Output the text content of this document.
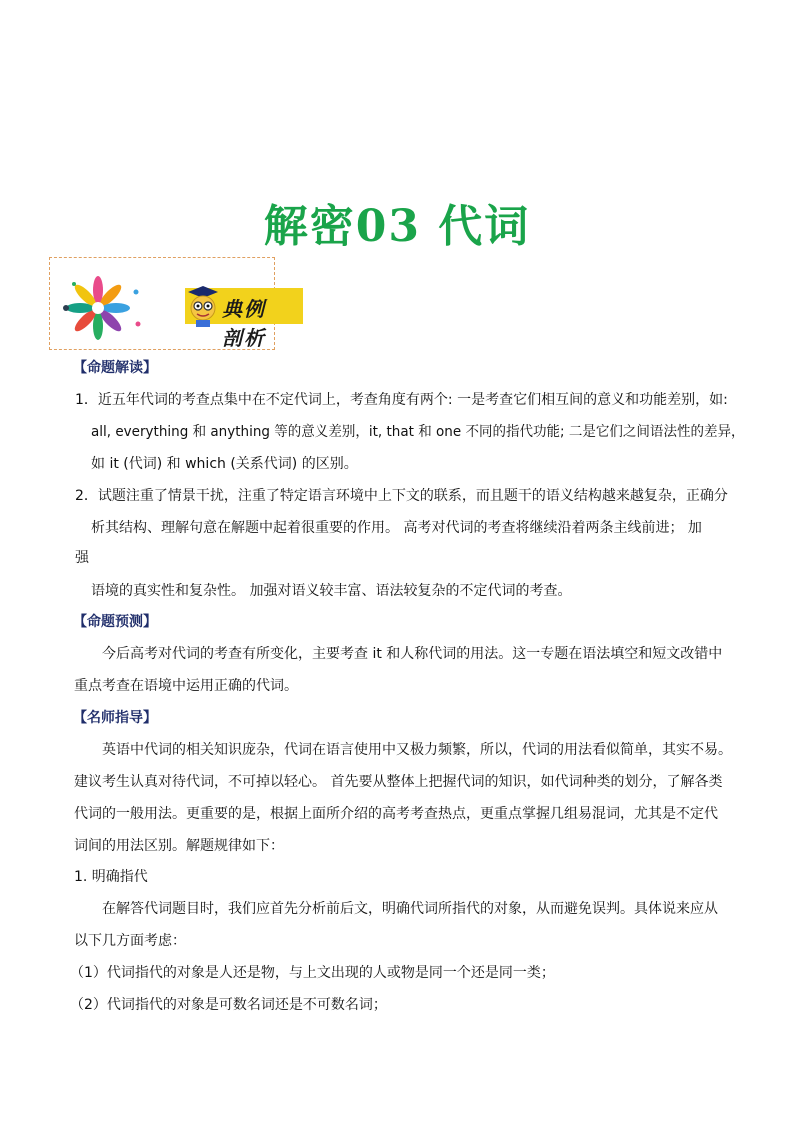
解密03 代词
典例剖析
【命题解读】
1．近五年代词的考查点集中在不定代词上，考查角度有两个: 一是考查它们相互间的意义和功能差别，如:
all, everything 和 anything 等的意义差别，it, that 和 one 不同的指代功能; 二是它们之间语法性的差异，
如 it (代词) 和 which (关系代词) 的区别。
2．试题注重了情景干扰，注重了特定语言环境中上下文的联系，而且题干的语义结构越来越复杂，正确分
析其结构、理解句意在解题中起着很重要的作用。 高考对代词的考查将继续沿着两条主线前进； 加
强
语境的真实性和复杂性。 加强对语义较丰富、语法较复杂的不定代词的考查。
【命题预测】
今后高考对代词的考查有所变化，主要考查 it 和人称代词的用法。这一专题在语法填空和短文改错中
重点考查在语境中运用正确的代词。
【名师指导】
英语中代词的相关知识庞杂，代词在语言使用中又极力频繁，所以，代词的用法看似简单，其实不易。
建议考生认真对待代词，不可掉以轻心。 首先要从整体上把握代词的知识，如代词种类的划分，了解各类
代词的一般用法。更重要的是，根据上面所介绍的高考考查热点，更重点掌握几组易混词，尤其是不定代
词间的用法区别。解题规律如下：
1. 明确指代
在解答代词题目时，我们应首先分析前后文，明确代词所指代的对象，从而避免误判。具体说来应从
以下几方面考虑：
（1）代词指代的对象是人还是物，与上文出现的人或物是同一个还是同一类；
（2）代词指代的对象是可数名词还是不可数名词；
